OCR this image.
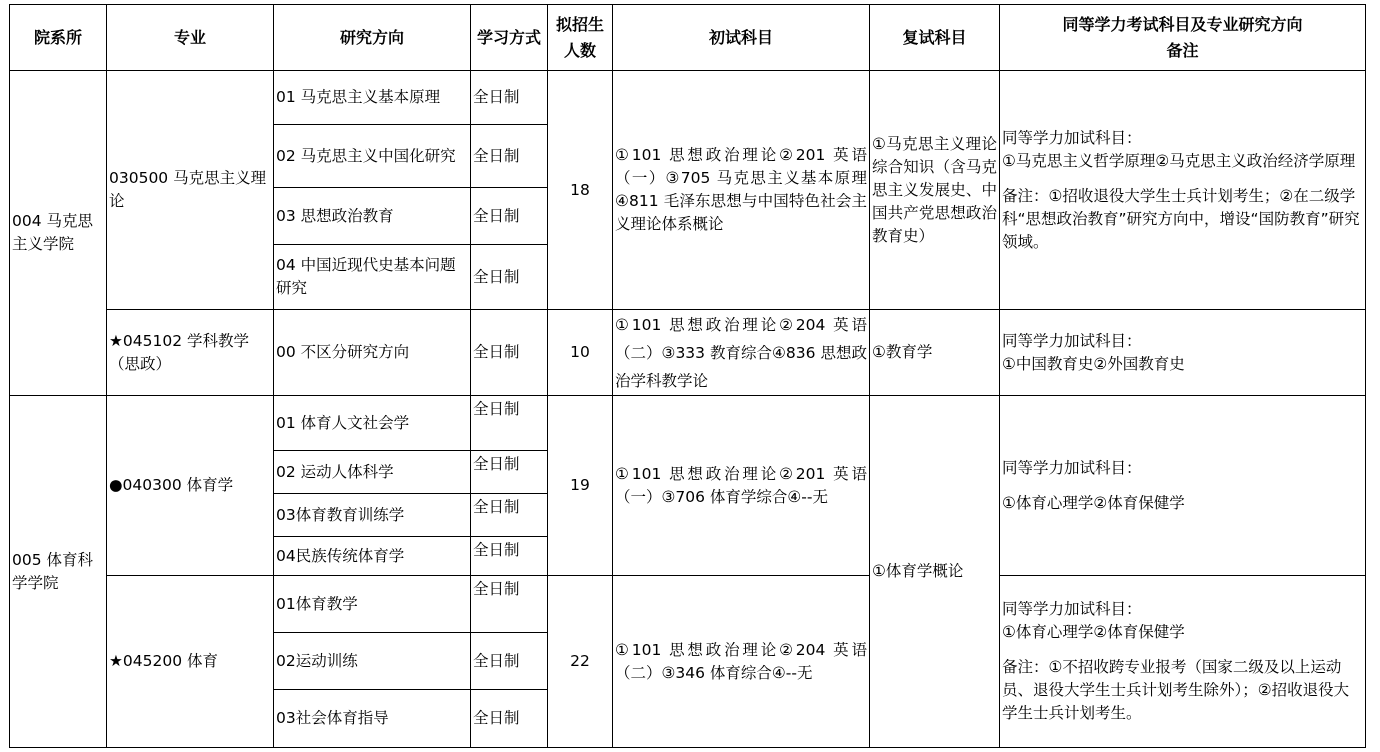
院系所	专业	研究方向	学习方式	拟招生人数	初试科目	复试科目	同等学力考试科目及专业研究方向备注
004 马克思主义学院	030500 马克思主义理论	01 马克思主义基本原理	全日制	18	①101 思想政治理论②201 英语（一）③705 马克思主义基本原理④811 毛泽东思想与中国特色社会主义理论体系概论	①马克思主义理论综合知识（含马克思主义发展史、中国共产党思想政治教育史）	同等学力加试科目：
①马克思主义哲学原理②马克思主义政治经济学原理
备注：①招收退役大学生士兵计划考生；②在二级学科“思想政治教育”研究方向中，增设“国防教育”研究领域。

		02 马克思主义中国化研究	全日制				
		03 思想政治教育	全日制				
		04 中国近现代史基本问题研究	全日制				
	★045102 学科教学（思政）	00 不区分研究方向	全日制	10	①101 思想政治理论②204 英语（二）③333 教育综合④836 思想政治学科教学论	①教育学	同等学力加试科目：
①中国教育史②外国教育史

005 体育科学学院	●040300 体育学	01 体育人文社会学	全日制	19	①101 思想政治理论②201 英语（一）③706 体育学综合④--无	①体育学概论	同等学力加试科目：
①体育心理学②体育保健学

		02 运动人体科学	全日制				
		03体育教育训练学	全日制				
		04民族传统体育学	全日制				
	★045200 体育	01体育教学	全日制	22	①101 思想政治理论②204 英语（二）③346 体育综合④--无		同等学力加试科目：
①体育心理学②体育保健学
备注：①不招收跨专业报考（国家二级及以上运动员、退役大学生士兵计划考生除外）；②招收退役大学生士兵计划考生。

		02运动训练	全日制				
		03社会体育指导	全日制				
